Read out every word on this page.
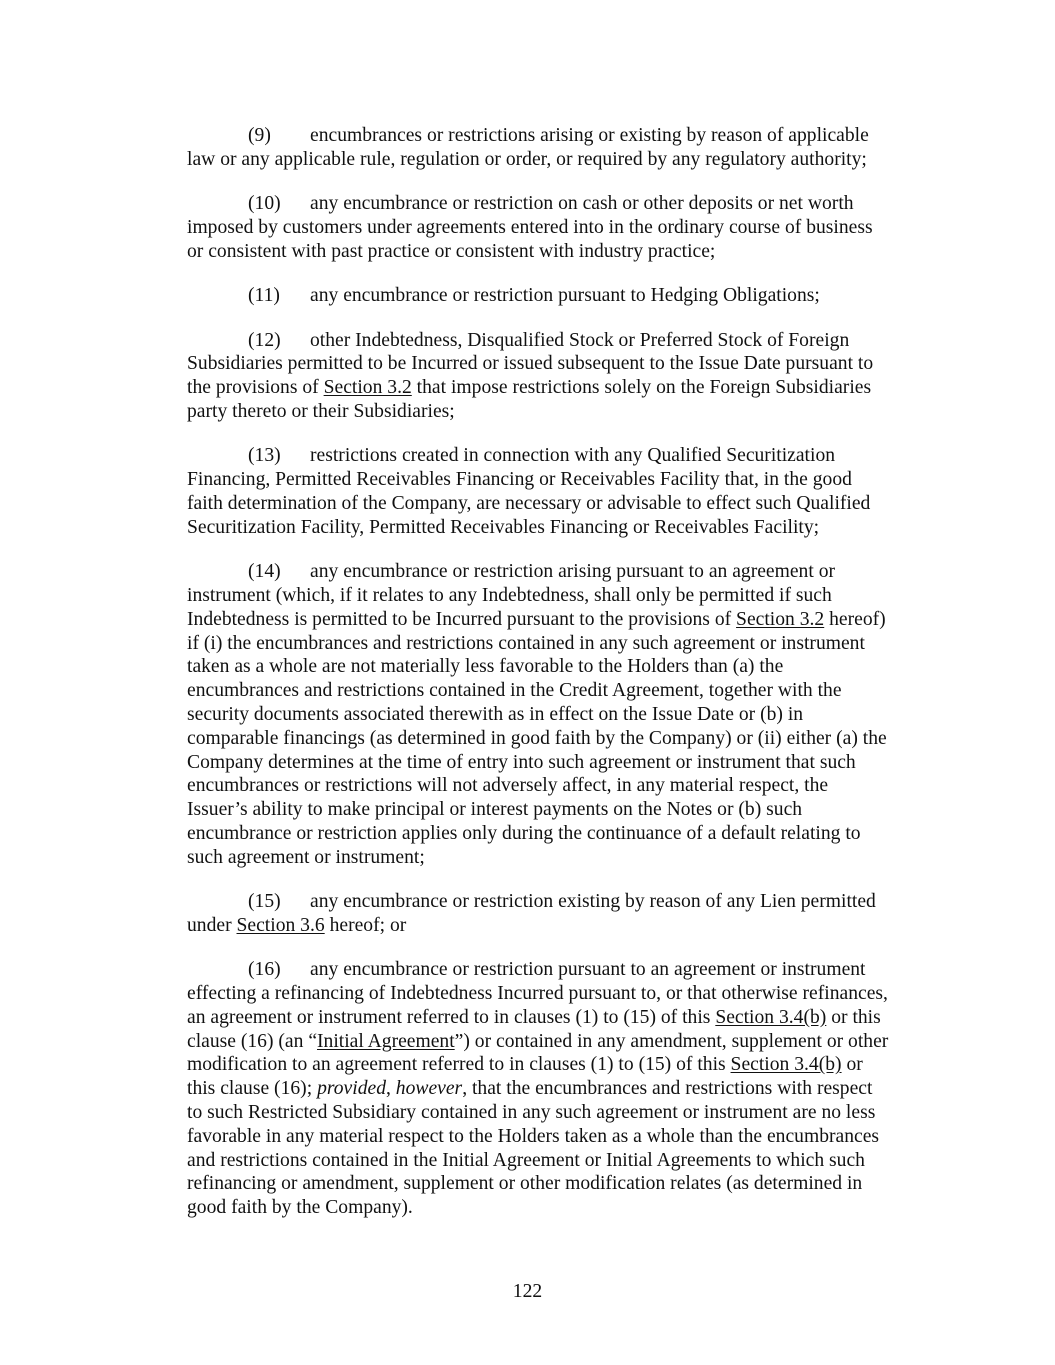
(9) encumbrances or restrictions arising or existing by reason of applicable
law or any applicable rule, regulation or order, or required by any regulatory authority;

(10) any encumbrance or restriction on cash or other deposits or net worth
imposed by customers under agreements entered into in the ordinary course of business
or consistent with past practice or consistent with industry practice;

(11) any encumbrance or restriction pursuant to Hedging Obligations;

(12) other Indebtedness, Disqualified Stock or Preferred Stock of Foreign
Subsidiaries permitted to be Incurred or issued subsequent to the Issue Date pursuant to
the provisions of Section 3.2 that impose restrictions solely on the Foreign Subsidiaries
party thereto or their Subsidiaries;

(13) restrictions created in connection with any Qualified Securitization
Financing, Permitted Receivables Financing or Receivables Facility that, in the good
faith determination of the Company, are necessary or advisable to effect such Qualified
Securitization Facility, Permitted Receivables Financing or Receivables Facility;

(14) any encumbrance or restriction arising pursuant to an agreement or
instrument (which, if it relates to any Indebtedness, shall only be permitted if such
Indebtedness is permitted to be Incurred pursuant to the provisions of Section 3.2 hereof)
if (i) the encumbrances and restrictions contained in any such agreement or instrument
taken as a whole are not materially less favorable to the Holders than (a) the
encumbrances and restrictions contained in the Credit Agreement, together with the
security documents associated therewith as in effect on the Issue Date or (b) in
comparable financings (as determined in good faith by the Company) or (ii) either (a) the
Company determines at the time of entry into such agreement or instrument that such
encumbrances or restrictions will not adversely affect, in any material respect, the
Issuer’s ability to make principal or interest payments on the Notes or (b) such
encumbrance or restriction applies only during the continuance of a default relating to
such agreement or instrument;

(15) any encumbrance or restriction existing by reason of any Lien permitted
under Section 3.6 hereof; or

(16) any encumbrance or restriction pursuant to an agreement or instrument
effecting a refinancing of Indebtedness Incurred pursuant to, or that otherwise refinances,
an agreement or instrument referred to in clauses (1) to (15) of this Section 3.4(b) or this
clause (16) (an “Initial Agreement”) or contained in any amendment, supplement or other
modification to an agreement referred to in clauses (1) to (15) of this Section 3.4(b) or
this clause (16); provided, however, that the encumbrances and restrictions with respect
to such Restricted Subsidiary contained in any such agreement or instrument are no less
favorable in any material respect to the Holders taken as a whole than the encumbrances
and restrictions contained in the Initial Agreement or Initial Agreements to which such
refinancing or amendment, supplement or other modification relates (as determined in
good faith by the Company).

122
